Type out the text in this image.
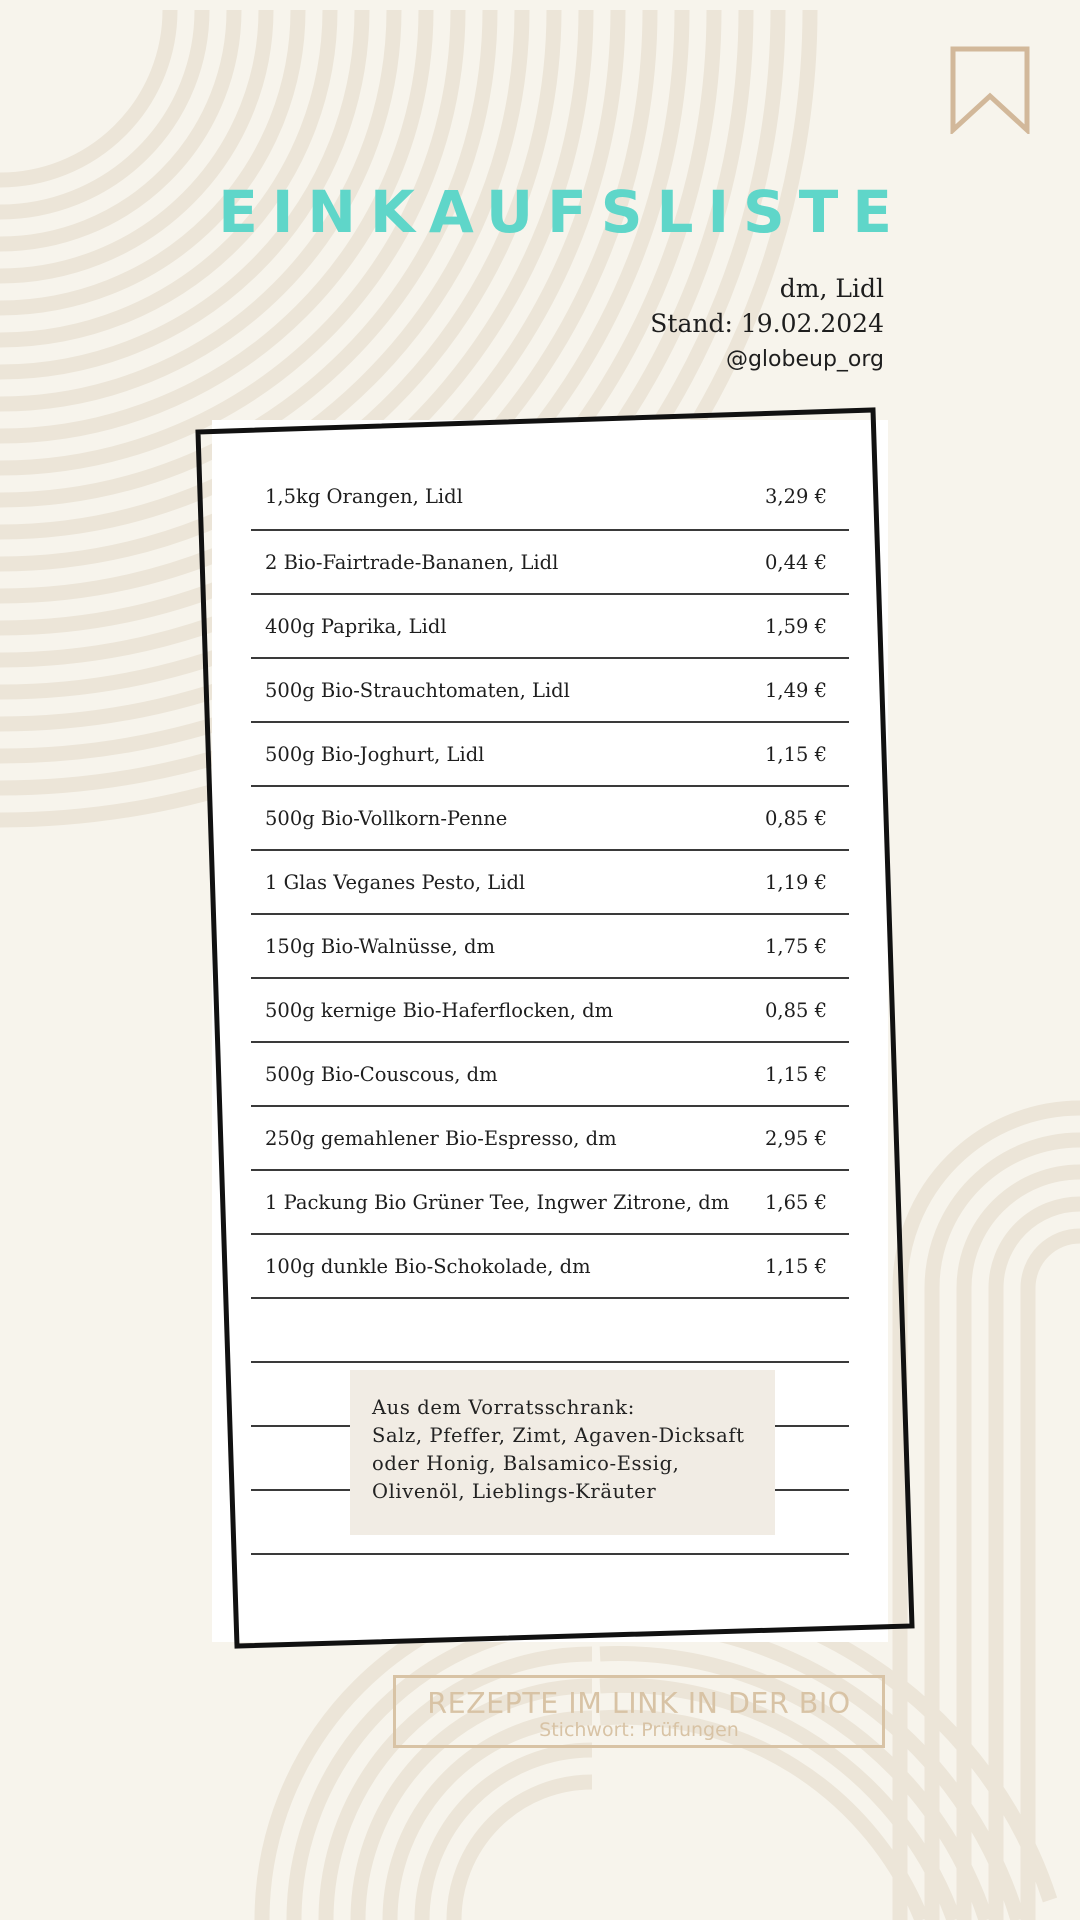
EINKAUFSLISTE
dm, Lidl
Stand: 19.02.2024
@globeup_org
1,5kg Orangen, Lidl	3,29 €
2 Bio-Fairtrade-Bananen, Lidl	0,44 €
400g Paprika, Lidl	1,59 €
500g Bio-Strauchtomaten, Lidl	1,49 €
500g Bio-Joghurt, Lidl	1,15 €
500g Bio-Vollkorn-Penne	0,85 €
1 Glas Veganes Pesto, Lidl	1,19 €
150g Bio-Walnüsse, dm	1,75 €
500g kernige Bio-Haferflocken, dm	0,85 €
500g Bio-Couscous, dm	1,15 €
250g gemahlener Bio-Espresso, dm	2,95 €
1 Packung Bio Grüner Tee, Ingwer Zitrone, dm 1,65 €
100g dunkle Bio-Schokolade, dm	1,15 €
Aus dem Vorratsschrank:
Salz, Pfeffer, Zimt, Agaven-Dicksaft
oder Honig, Balsamico-Essig,
Olivenöl, Lieblings-Kräuter
REZEPTE IM LINK IN DER BIO
Stichwort: Prüfungen
